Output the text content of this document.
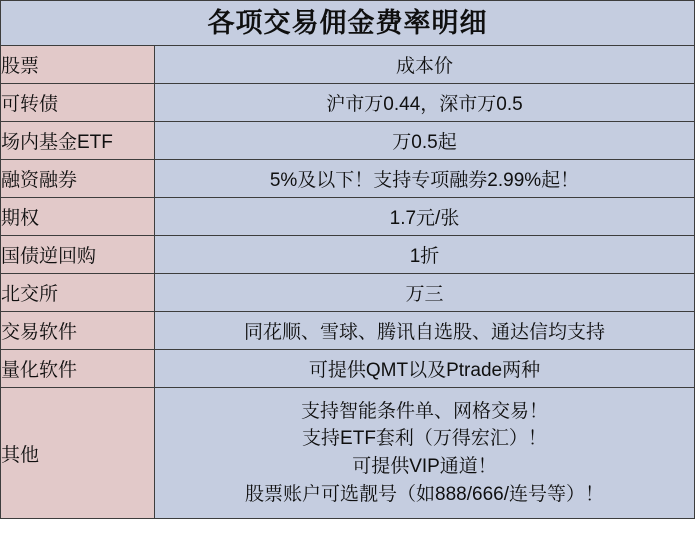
各项交易佣金费率明细	
股票	成本价
可转债	沪市万0.44，深市万0.5
场内基金ETF	万0.5起
融资融券	5%及以下！支持专项融券2.99%起！
期权	1.7元/张
国债逆回购	1折
北交所	万三
交易软件	同花顺、雪球、腾讯自选股、通达信均支持
量化软件	可提供QMT以及Ptrade两种
其他	支持智能条件单、网格交易！
支持ETF套利（万得宏汇）！
可提供VIP通道！
股票账户可选靓号（如888/666/连号等）！
